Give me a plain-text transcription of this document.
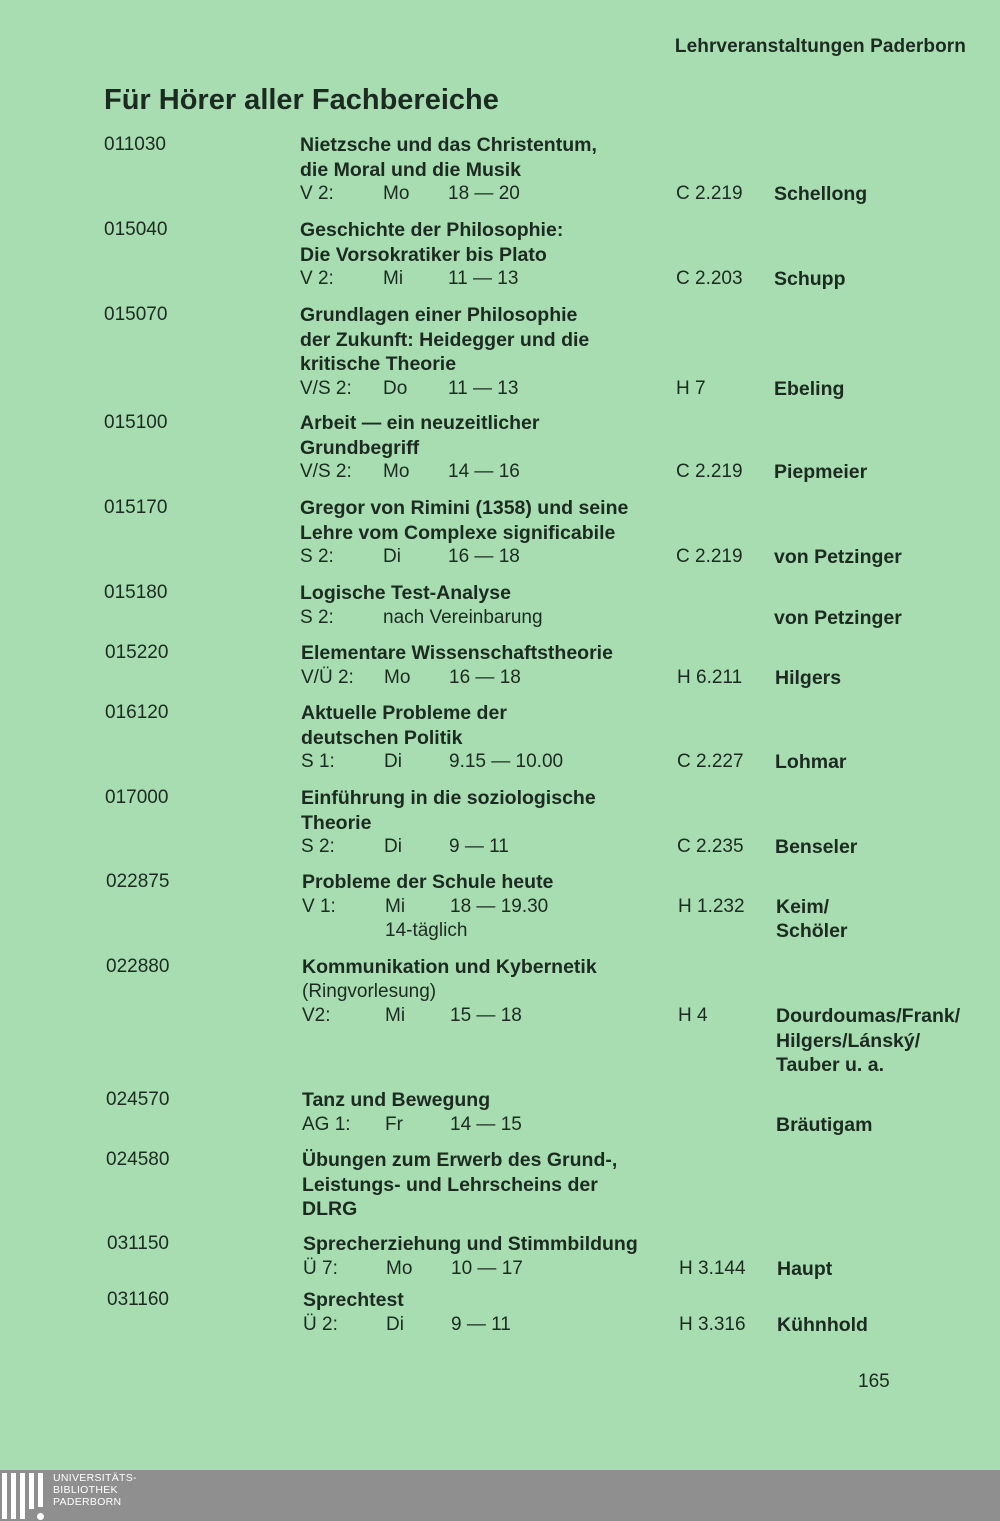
Lehrveranstaltungen Paderborn
Für Hörer aller Fachbereiche
011030	Nietzsche und das Christentum,
die Moral und die Musik
V 2:	Mo 18 — 20	C 2.219 Schellong
015040	Geschichte der Philosophie:
Die Vorsokratiker bis Plato
V 2:	Mi 11 — 13	C 2.203 Schupp
015070	Grundlagen einer Philosophie
der Zukunft: Heidegger und die
kritische Theorie
V/S 2: Do 11 — 13	H 7	Ebeling
015100	Arbeit — ein neuzeitlicher
Grundbegriff
V/S 2: Mo 14 — 16	C 2.219 Piepmeier
015170	Gregor von Rimini (1358) und seine
Lehre vom Complexe significabile
S 2:	Di 16 — 18	C 2.219 von Petzinger
015180	Logische Test-Analyse
S 2:	nach Vereinbarung	von Petzinger
015220	Elementare Wissenschaftstheorie
V/Ü 2: Mo 16 — 18	H 6.211 Hilgers
016120	Aktuelle Probleme der
deutschen Politik
S 1:	Di 9.15 — 10.00	C 2.227 Lohmar
017000	Einführung in die soziologische
Theorie
S 2:	Di 9 — 11	C 2.235 Benseler
022875	Probleme der Schule heute
V 1:	Mi 18 — 19.30	H 1.232 Keim/
Schöler
14-täglich
022880	Kommunikation und Kybernetik
(Ringvorlesung)
V2:	Mi 15 — 18	H 4	Dourdoumas/Frank/
Hilgers/Lánský/
Tauber u. a.
024570	Tanz und Bewegung
AG 1: Fr 14 — 15	Bräutigam
024580	Übungen zum Erwerb des Grund-,
Leistungs- und Lehrscheins der
DLRG
031150	Sprecherziehung und Stimmbildung
Ü 7:	Mo 10 — 17	H 3.144 Haupt
031160	Sprechtest
Ü 2:	Di 9 — 11	H 3.316 Kühnhold
165
UNIVERSITÄTS-
BIBLIOTHEK
PADERBORN
